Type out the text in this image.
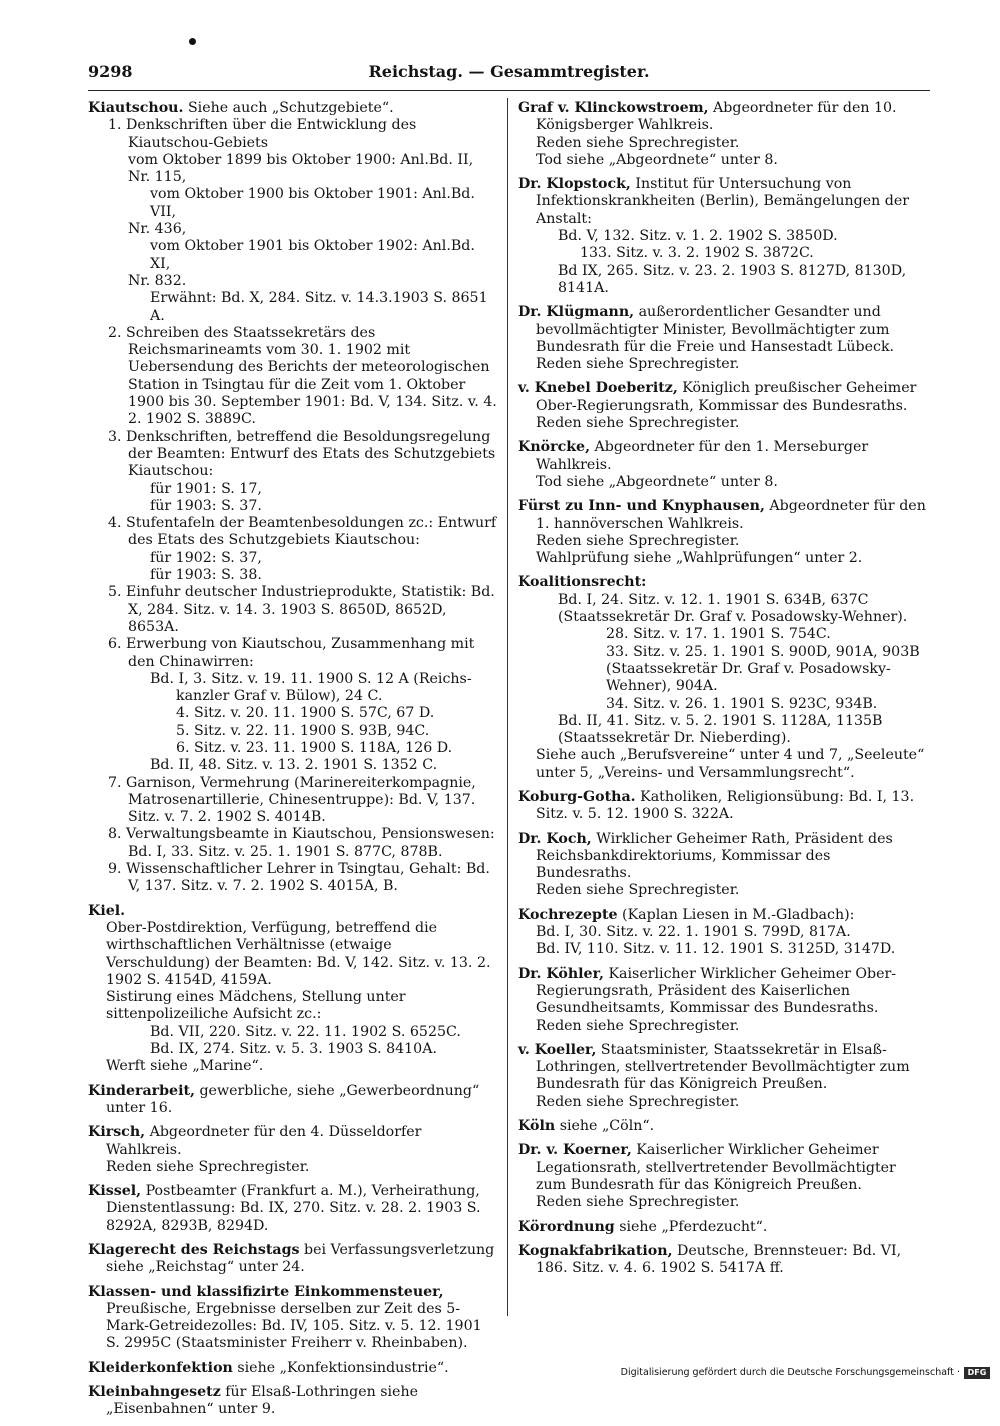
9298	Reichstag. — Gesammtregister.
Kiautschou. Siehe auch „Schutzgebiete“.
1. Denkschriften über die Entwicklung des Kiautschou-Gebiets
vom Oktober 1899 bis Oktober 1900: Anl.Bd. II,
Nr. 115,
vom Oktober 1900 bis Oktober 1901: Anl.Bd. VII,
Nr. 436,
vom Oktober 1901 bis Oktober 1902: Anl.Bd. XI,
Nr. 832.
Erwähnt: Bd. X, 284. Sitz. v. 14.3.1903 S. 8651 A.
2. Schreiben des Staatssekretärs des Reichsmarineamts vom 30. 1. 1902 mit Uebersendung des Berichts der meteorologischen Station in Tsingtau für die Zeit vom 1. Oktober 1900 bis 30. September 1901: Bd. V, 134. Sitz. v. 4. 2. 1902 S. 3889C.
3. Denkschriften, betreffend die Besoldungsregelung der Beamten: Entwurf des Etats des Schutzgebiets Kiautschou:
für 1901: S. 17,
für 1903: S. 37.
4. Stufentafeln der Beamtenbesoldungen zc.: Entwurf des Etats des Schutzgebiets Kiautschou:
für 1902: S. 37,
für 1903: S. 38.
5. Einfuhr deutscher Industrieprodukte, Statistik: Bd. X, 284. Sitz. v. 14. 3. 1903 S. 8650D, 8652D, 8653A.
6. Erwerbung von Kiautschou, Zusammenhang mit den Chinawirren:
Bd. I, 3. Sitz. v. 19. 11. 1900 S. 12 A (Reichs-
kanzler Graf v. Bülow), 24 C.
4. Sitz. v. 20. 11. 1900 S. 57C, 67 D.
5. Sitz. v. 22. 11. 1900 S. 93B, 94C.
6. Sitz. v. 23. 11. 1900 S. 118A, 126 D.
Bd. II, 48. Sitz. v. 13. 2. 1901 S. 1352 C.
7. Garnison, Vermehrung (Marinereiterkompagnie, Matrosenartillerie, Chinesentruppe): Bd. V, 137. Sitz. v. 7. 2. 1902 S. 4014B.
8. Verwaltungsbeamte in Kiautschou, Pensionswesen: Bd. I, 33. Sitz. v. 25. 1. 1901 S. 877C, 878B.
9. Wissenschaftlicher Lehrer in Tsingtau, Gehalt: Bd. V, 137. Sitz. v. 7. 2. 1902 S. 4015A, B.
Kiel.
Ober-Postdirektion, Verfügung, betreffend die wirthschaftlichen Verhältnisse (etwaige Verschuldung) der Beamten: Bd. V, 142. Sitz. v. 13. 2. 1902 S. 4154D, 4159A.
Sistirung eines Mädchens, Stellung unter sittenpolizeiliche Aufsicht zc.:
Bd. VII, 220. Sitz. v. 22. 11. 1902 S. 6525C.
Bd. IX, 274. Sitz. v. 5. 3. 1903 S. 8410A.
Werft siehe „Marine“.
Kinderarbeit, gewerbliche, siehe „Gewerbeordnung“ unter 16.
Kirsch, Abgeordneter für den 4. Düsseldorfer Wahlkreis.
Reden siehe Sprechregister.
Kissel, Postbeamter (Frankfurt a. M.), Verheirathung, Dienstentlassung: Bd. IX, 270. Sitz. v. 28. 2. 1903 S. 8292A, 8293B, 8294D.
Klagerecht des Reichstags bei Verfassungsverletzung siehe „Reichstag“ unter 24.
Klassen- und klassifizirte Einkommensteuer, Preußische, Ergebnisse derselben zur Zeit des 5-Mark-Getreidezolles: Bd. IV, 105. Sitz. v. 5. 12. 1901 S. 2995C (Staatsminister Freiherr v. Rheinbaben).
Kleiderkonfektion siehe „Konfektionsindustrie“.
Kleinbahngesetz für Elsaß-Lothringen siehe „Eisenbahnen“ unter 9.
Graf v. Klinckowstroem, Abgeordneter für den 10. Königsberger Wahlkreis.
Reden siehe Sprechregister.
Tod siehe „Abgeordnete“ unter 8.
Dr. Klopstock, Institut für Untersuchung von Infektionskrankheiten (Berlin), Bemängelungen der Anstalt:
Bd. V, 132. Sitz. v. 1. 2. 1902 S. 3850D.
133. Sitz. v. 3. 2. 1902 S. 3872C.
Bd IX, 265. Sitz. v. 23. 2. 1903 S. 8127D, 8130D, 8141A.
Dr. Klügmann, außerordentlicher Gesandter und bevollmächtigter Minister, Bevollmächtigter zum Bundesrath für die Freie und Hansestadt Lübeck.
Reden siehe Sprechregister.
v. Knebel Doeberitz, Königlich preußischer Geheimer Ober-Regierungsrath, Kommissar des Bundesraths.
Reden siehe Sprechregister.
Knörcke, Abgeordneter für den 1. Merseburger Wahlkreis.
Tod siehe „Abgeordnete“ unter 8.
Fürst zu Inn- und Knyphausen, Abgeordneter für den 1. hannöverschen Wahlkreis.
Reden siehe Sprechregister.
Wahlprüfung siehe „Wahlprüfungen“ unter 2.
Koalitionsrecht:
Bd. I, 24. Sitz. v. 12. 1. 1901 S. 634B, 637C (Staatssekretär Dr. Graf v. Posadowsky-Wehner).
28. Sitz. v. 17. 1. 1901 S. 754C.
33. Sitz. v. 25. 1. 1901 S. 900D, 901A, 903B (Staatssekretär Dr. Graf v. Posadowsky-Wehner), 904A.
34. Sitz. v. 26. 1. 1901 S. 923C, 934B.
Bd. II, 41. Sitz. v. 5. 2. 1901 S. 1128A, 1135B (Staatssekretär Dr. Nieberding).
Siehe auch „Berufsvereine“ unter 4 und 7, „Seeleute“ unter 5, „Vereins- und Versammlungsrecht“.
Koburg-Gotha. Katholiken, Religionsübung: Bd. I, 13. Sitz. v. 5. 12. 1900 S. 322A.
Dr. Koch, Wirklicher Geheimer Rath, Präsident des Reichsbankdirektoriums, Kommissar des Bundesraths.
Reden siehe Sprechregister.
Kochrezepte (Kaplan Liesen in M.-Gladbach):
Bd. I, 30. Sitz. v. 22. 1. 1901 S. 799D, 817A.
Bd. IV, 110. Sitz. v. 11. 12. 1901 S. 3125D, 3147D.
Dr. Köhler, Kaiserlicher Wirklicher Geheimer Ober-Regierungsrath, Präsident des Kaiserlichen Gesundheitsamts, Kommissar des Bundesraths.
Reden siehe Sprechregister.
v. Koeller, Staatsminister, Staatssekretär in Elsaß-Lothringen, stellvertretender Bevollmächtigter zum Bundesrath für das Königreich Preußen.
Reden siehe Sprechregister.
Köln siehe „Cöln“.
Dr. v. Koerner, Kaiserlicher Wirklicher Geheimer Legationsrath, stellvertretender Bevollmächtigter zum Bundesrath für das Königreich Preußen.
Reden siehe Sprechregister.
Körordnung siehe „Pferdezucht“.
Kognakfabrikation, Deutsche, Brennsteuer: Bd. VI, 186. Sitz. v. 4. 6. 1902 S. 5417A ff.
Digitalisierung gefördert durch die Deutsche Forschungsgemeinschaft · DFG
